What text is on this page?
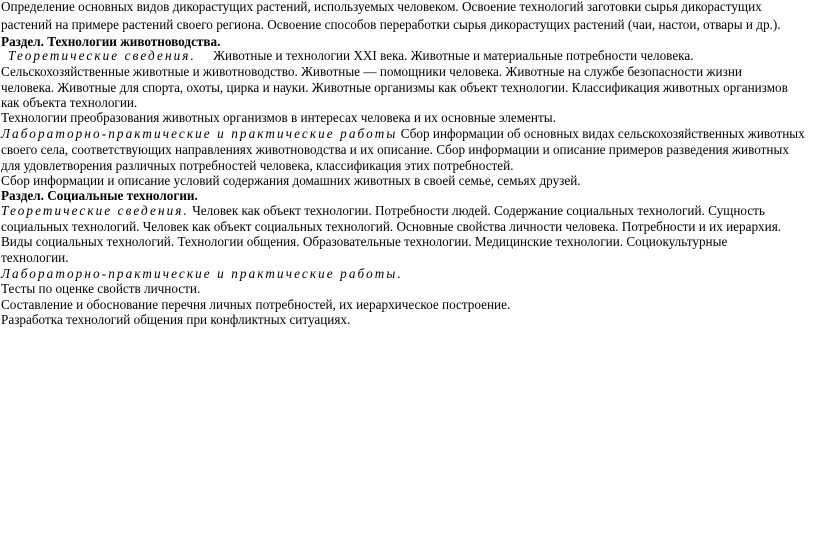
Определение основных видов дикорастущих растений, используемых человеком. Освоение технологий заготовки сырья дикорастущих
растений на примере растений своего региона. Освоение способов переработки сырья дикорастущих растений (чаи, настои, отвары и др.).
Раздел. Технологии животноводства.
Теоретические сведения. Животные и технологии XXI века. Животные и материальные потребности человека.
Сельскохозяйственные животные и животноводство. Животные — помощники человека. Животные на службе безопасности жизни
человека. Животные для спорта, охоты, цирка и науки. Животные организмы как объект технологии. Классификация животных организмов
как объекта технологии.
Технологии преобразования животных организмов в интересах человека и их основные элементы.
Лабораторно-практические и практические работы Сбор информации об основных видах сельскохозяйственных животных
своего села, соответствующих направлениях животноводства и их описание. Сбор информации и описание примеров разведения животных
для удовлетворения различных потребностей человека, классификация этих потребностей.
Сбор информации и описание условий содержания домашних животных в своей семье, семьях друзей.
Раздел. Социальные технологии.
Теоретические сведения. Человек как объект технологии. Потребности людей. Содержание социальных технологий. Сущность
социальных технологий. Человек как объект социальных технологий. Основные свойства личности человека. Потребности и их иерархия.
Виды социальных технологий. Технологии общения. Образовательные технологии. Медицинские технологии. Социокультурные
технологии.
Лабораторно-практические и практические работы.
Тесты по оценке свойств личности.
Составление и обоснование перечня личных потребностей, их иерархическое построение.
Разработка технологий общения при конфликтных ситуациях.
